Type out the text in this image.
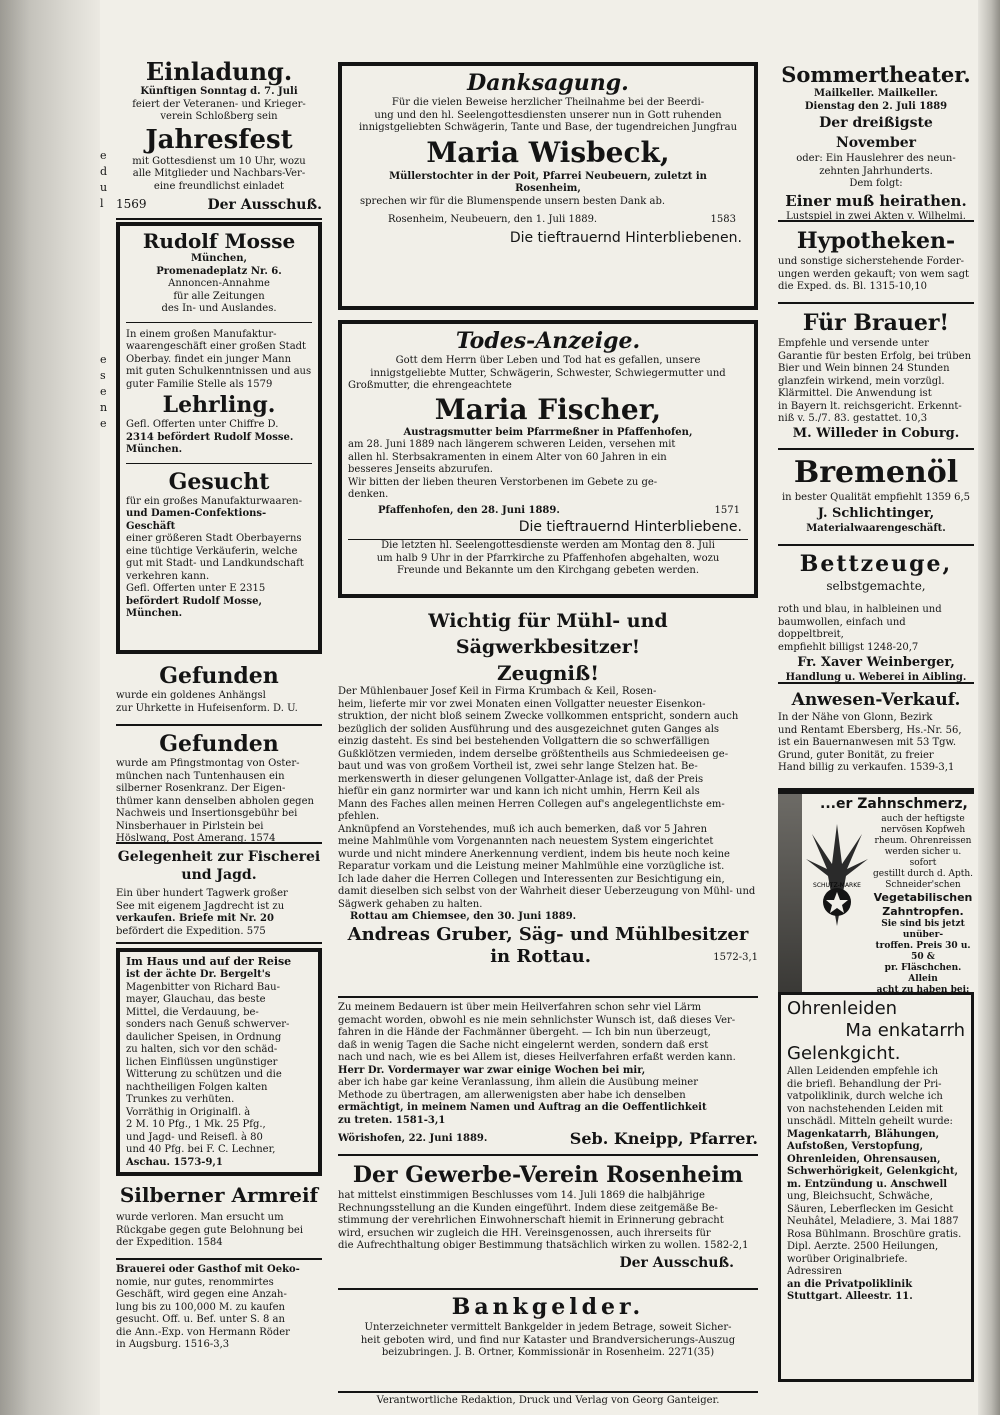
e
d
u
l
e
s
e
n
e
Einladung.
Künftigen Sonntag d. 7. Juli
feiert der Veteranen- und Krieger-
verein Schloßberg sein
Jahresfest
mit Gottesdienst um 10 Uhr, wozu
alle Mitglieder und Nachbars-Ver-
eine freundlichst einladet
1569	Der Ausschuß.
Rudolf Mosse
München,
Promenadeplatz Nr. 6.
Annoncen-Annahme
für alle Zeitungen
des In- und Auslandes.
In einem großen Manufaktur-
waarengeschäft einer großen Stadt
Oberbay. findet ein junger Mann
mit guten Schulkenntnissen und aus
guter Familie Stelle als 1579
Lehrling.
Gefl. Offerten unter Chiffre D.
2314 befördert Rudolf Mosse.
München.
Gesucht
für ein großes Manufakturwaaren-
und Damen-Confektions-Geschäft
einer größeren Stadt Oberbayerns
eine tüchtige Verkäuferin, welche
gut mit Stadt- und Landkundschaft
verkehren kann.
Gefl. Offerten unter E 2315
befördert Rudolf Mosse, München.
Gefunden
wurde ein goldenes Anhängsl
zur Uhrkette in Hufeisenform. D. U.
Gefunden
wurde am Pfingstmontag von Oster-
münchen nach Tuntenhausen ein
silberner Rosenkranz. Der Eigen-
thümer kann denselben abholen gegen
Nachweis und Insertionsgebühr bei
Ninsberhauer in Pirlstein bei
Höslwang, Post Amerang. 1574
Gelegenheit zur Fischerei und Jagd.
Ein über hundert Tagwerk großer
See mit eigenem Jagdrecht ist zu
verkaufen. Briefe mit Nr. 20
befördert die Expedition. 575
Im Haus und auf der Reise
ist der ächte Dr. Bergelt's
Magenbitter von Richard Bau-
mayer, Glauchau, das beste
Mittel, die Verdauung, be-
sonders nach Genuß schwerver-
daulicher Speisen, in Ordnung
zu halten, sich vor den schäd-
lichen Einflüssen ungünstiger
Witterung zu schützen und die
nachtheiligen Folgen kalten
Trunkes zu verhüten.
Vorräthig in Originalfl. à
2 M. 10 Pfg., 1 Mk. 25 Pfg.,
und Jagd- und Reisefl. à 80
und 40 Pfg. bei F. C. Lechner,
Aschau. 1573-9,1
Silberner Armreif
wurde verloren. Man ersucht um
Rückgabe gegen gute Belohnung bei
der Expedition. 1584
Brauerei oder Gasthof mit Oeko-
nomie, nur gutes, renommirtes
Geschäft, wird gegen eine Anzah-
lung bis zu 100,000 M. zu kaufen
gesucht. Off. u. Bef. unter S. 8 an
die Ann.-Exp. von Hermann Röder
in Augsburg. 1516-3,3
Danksagung.
Für die vielen Beweise herzlicher Theilnahme bei der Beerdi-
ung und den hl. Seelengottesdiensten unserer nun in Gott ruhenden
innigstgeliebten Schwägerin, Tante und Base, der tugendreichen Jungfrau
Maria Wisbeck,
Müllerstochter in der Poit, Pfarrei Neubeuern, zuletzt in
Rosenheim,
sprechen wir für die Blumenspende unsern besten Dank ab.
Rosenheim, Neubeuern, den 1. Juli 1889.	1583
Die tieftrauernd Hinterbliebenen.
Todes-Anzeige.
Gott dem Herrn über Leben und Tod hat es gefallen, unsere
innigstgeliebte Mutter, Schwägerin, Schwester, Schwiegermutter und
Großmutter, die ehrengeachtete
Maria Fischer,
Austragsmutter beim Pfarrmeßner in Pfaffenhofen,
am 28. Juni 1889 nach längerem schweren Leiden, versehen mit
allen hl. Sterbsakramenten in einem Alter von 60 Jahren in ein
besseres Jenseits abzurufen.
Wir bitten der lieben theuren Verstorbenen im Gebete zu ge-
denken.
Pfaffenhofen, den 28. Juni 1889.	1571
Die tieftrauernd Hinterbliebene.
Die letzten hl. Seelengottesdienste werden am Montag den 8. Juli
um halb 9 Uhr in der Pfarrkirche zu Pfaffenhofen abgehalten, wozu
Freunde und Bekannte um den Kirchgang gebeten werden.
Wichtig für Mühl- und Sägwerkbesitzer!
Zeugniß!
Der Mühlenbauer Josef Keil in Firma Krumbach & Keil, Rosen-
heim, lieferte mir vor zwei Monaten einen Vollgatter neuester Eisenkon-
struktion, der nicht bloß seinem Zwecke vollkommen entspricht, sondern auch
bezüglich der soliden Ausführung und des ausgezeichnet guten Ganges als
einzig dasteht. Es sind bei bestehenden Vollgattern die so schwerfälligen
Gußklötzen vermieden, indem derselbe größtentheils aus Schmiedeeisen ge-
baut und was von großem Vortheil ist, zwei sehr lange Stelzen hat. Be-
merkenswerth in dieser gelungenen Vollgatter-Anlage ist, daß der Preis
hiefür ein ganz normirter war und kann ich nicht umhin, Herrn Keil als
Mann des Faches allen meinen Herren Collegen auf's angelegentlichste em-
pfehlen.
Anknüpfend an Vorstehendes, muß ich auch bemerken, daß vor 5 Jahren
meine Mahlmühle vom Vorgenannten nach neuestem System eingerichtet
wurde und nicht mindere Anerkennung verdient, indem bis heute noch keine
Reparatur vorkam und die Leistung meiner Mahlmühle eine vorzügliche ist.
Ich lade daher die Herren Collegen und Interessenten zur Besichtigung ein,
damit dieselben sich selbst von der Wahrheit dieser Ueberzeugung von Mühl- und
Sägwerk gehaben zu halten.
Rottau am Chiemsee, den 30. Juni 1889.
Andreas Gruber, Säg- und Mühlbesitzer
in Rottau.	1572-3,1
Zu meinem Bedauern ist über mein Heilverfahren schon sehr viel Lärm
gemacht worden, obwohl es nie mein sehnlichster Wunsch ist, daß dieses Ver-
fahren in die Hände der Fachmänner übergeht. — Ich bin nun überzeugt,
daß in wenig Tagen die Sache nicht eingelernt werden, sondern daß erst
nach und nach, wie es bei Allem ist, dieses Heilverfahren erfaßt werden kann.
Herr Dr. Vordermayer war zwar einige Wochen bei mir,
aber ich habe gar keine Veranlassung, ihm allein die Ausübung meiner
Methode zu übertragen, am allerwenigsten aber habe ich denselben
ermächtigt, in meinem Namen und Auftrag an die Oeffentlichkeit
zu treten. 1581-3,1
Wörishofen, 22. Juni 1889.	Seb. Kneipp, Pfarrer.
Der Gewerbe-Verein Rosenheim
hat mittelst einstimmigen Beschlusses vom 14. Juli 1869 die halbjährige
Rechnungsstellung an die Kunden eingeführt. Indem diese zeitgemäße Be-
stimmung der verehrlichen Einwohnerschaft hiemit in Erinnerung gebracht
wird, ersuchen wir zugleich die HH. Vereinsgenossen, auch ihrerseits für
die Aufrechthaltung obiger Bestimmung thatsächlich wirken zu wollen. 1582-2,1
Der Ausschuß.
Bankgelder.
Unterzeichneter vermittelt Bankgelder in jedem Betrage, soweit Sicher-
heit geboten wird, und find nur Kataster und Brandversicherungs-Auszug
beizubringen. J. B. Ortner, Kommissionär in Rosenheim. 2271(35)
Sommertheater.
Mailkeller. Mailkeller.
Dienstag den 2. Juli 1889
Der dreißigste November
oder: Ein Hauslehrer des neun-
zehnten Jahrhunderts.
Dem folgt:
Einer muß heirathen.
Lustspiel in zwei Akten v. Wilhelmi.
Hypotheken-
und sonstige sicherstehende Forder-
ungen werden gekauft; von wem sagt
die Exped. ds. Bl. 1315-10,10
Für Brauer!
Empfehle und versende unter
Garantie für besten Erfolg, bei trüben
Bier und Wein binnen 24 Stunden
glanzfein wirkend, mein vorzügl.
Klärmittel. Die Anwendung ist
in Bayern lt. reichsgericht. Erkennt-
niß v. 5./7. 83. gestattet. 10,3
M. Willeder in Coburg.
Bremenöl
in bester Qualität empfiehlt 1359 6,5
J. Schlichtinger,
Materialwaarengeschäft.
Bettzeuge,
selbstgemachte,
roth und blau, in halbleinen und
baumwollen, einfach und doppeltbreit,
empfiehlt billigst 1248-20,7
Fr. Xaver Weinberger,
Handlung u. Weberei in Aibling.
Anwesen-Verkauf.
In der Nähe von Glonn, Bezirk
und Rentamt Ebersberg, Hs.-Nr. 56,
ist ein Bauernanwesen mit 53 Tgw.
Grund, guter Bonität, zu freier
Hand billig zu verkaufen. 1539-3,1
...er Zahnschmerz,
SCHUTZ-MARKE
auch der heftigste
nervösen Kopfweh
rheum. Ohrenreissen
werden sicher u. sofort
gestillt durch d. Apth.
Schneider'schen
Vegetabilischen Zahntropfen.
Sie sind bis jetzt unüber-
troffen. Preis 30 u. 50 &
pr. Fläschchen. Allein
acht zu haben bei:
Ohrenleiden
Ma enkatarrh
Gelenkgicht.
Allen Leidenden empfehle ich
die briefl. Behandlung der Pri-
vatpoliklinik, durch welche ich
von nachstehenden Leiden mit
unschädl. Mitteln geheilt wurde:
Magenkatarrh, Blähungen,
Aufstoßen, Verstopfung,
Ohrenleiden, Ohrensausen,
Schwerhörigkeit, Gelenkgicht,
m. Entzündung u. Anschwell
ung, Bleichsucht, Schwäche,
Säuren, Leberflecken im Gesicht
Neuhâtel, Meladiere, 3. Mai 1887
Rosa Bühlmann. Broschüre gratis.
Dipl. Aerzte. 2500 Heilungen,
worüber Originalbriefe. Adressiren
an die Privatpoliklinik
Stuttgart. Alleestr. 11.
Verantwortliche Redaktion, Druck und Verlag von Georg Ganteiger.
